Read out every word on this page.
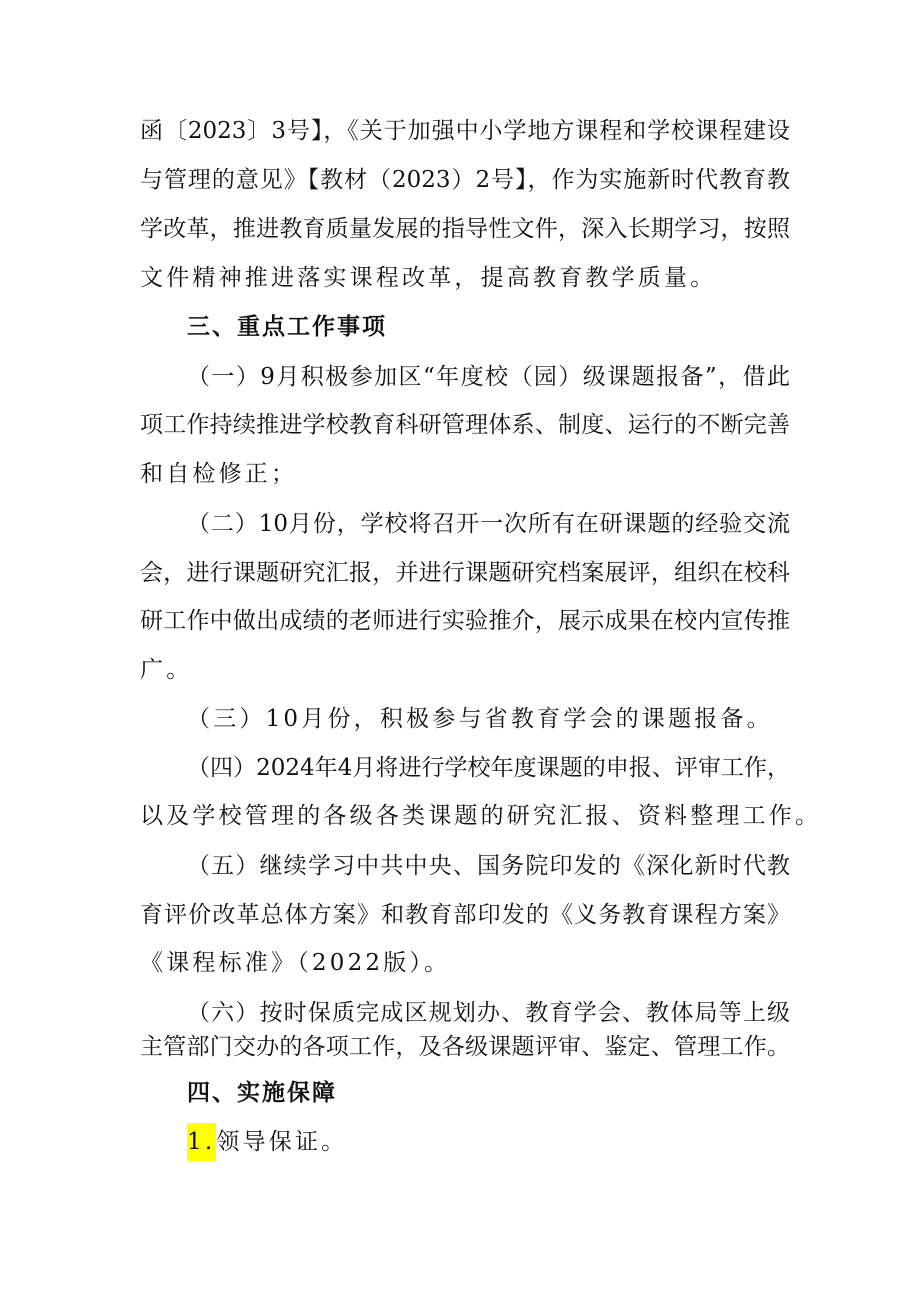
函〔2023〕3号】，《关于加强中小学地方课程和学校课程建设
与管理的意见》【教材（2023）2号】，作为实施新时代教育教
学改革，推进教育质量发展的指导性文件，深入长期学习，按照
文件精神推进落实课程改革，提高教育教学质量。
三、重点工作事项
（一）9月积极参加区“年度校（园）级课题报备”，借此
项工作持续推进学校教育科研管理体系、制度、运行的不断完善
和自检修正；
（二）10月份，学校将召开一次所有在研课题的经验交流
会，进行课题研究汇报，并进行课题研究档案展评，组织在校科
研工作中做出成绩的老师进行实验推介，展示成果在校内宣传推
广。
（三）10月份，积极参与省教育学会的课题报备。
（四）2024年4月将进行学校年度课题的申报、评审工作，
以及学校管理的各级各类课题的研究汇报、资料整理工作。
（五）继续学习中共中央、国务院印发的《深化新时代教
育评价改革总体方案》和教育部印发的《义务教育课程方案》
《课程标准》（2022版）。
（六）按时保质完成区规划办、教育学会、教体局等上级
主管部门交办的各项工作，及各级课题评审、鉴定、管理工作。
四、实施保障
1.领导保证。
